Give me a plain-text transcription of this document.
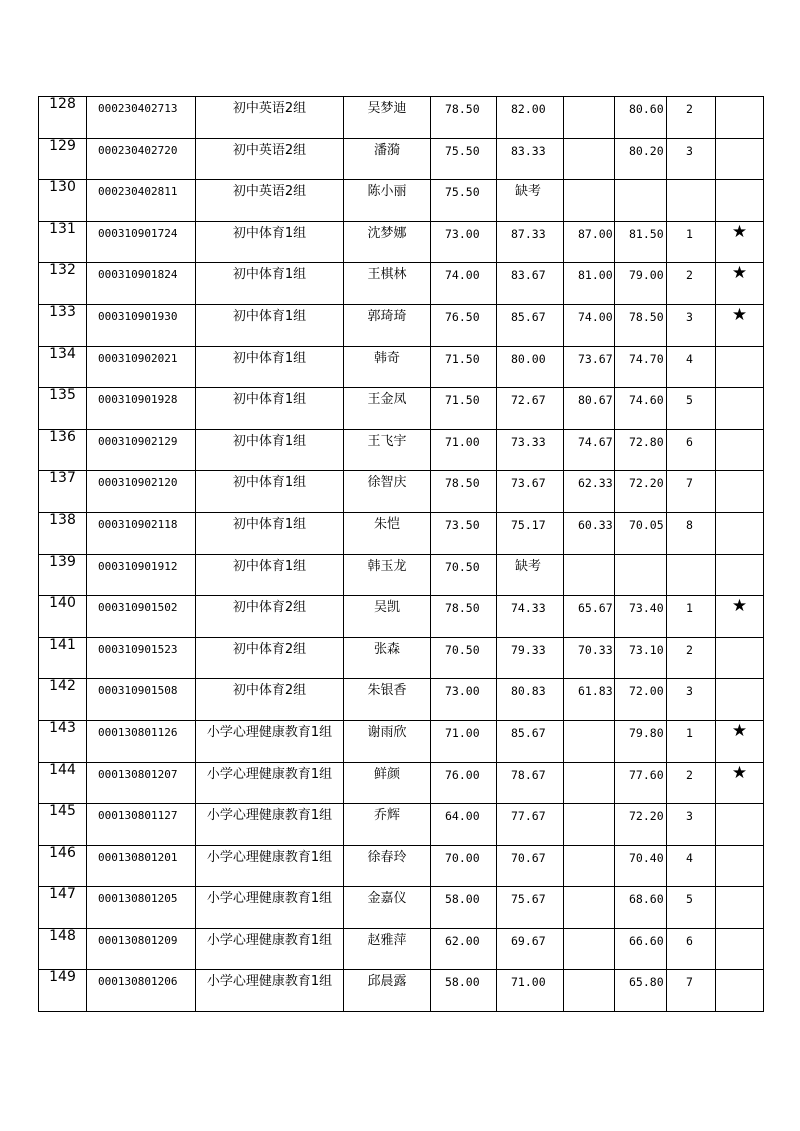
128	000230402713	初中英语2组	吴梦迪	78.50	82.00		80.60	2	

129	000230402720	初中英语2组	潘漪	75.50	83.33		80.20	3	

130	000230402811	初中英语2组	陈小丽	75.50	缺考				

131	000310901724	初中体育1组	沈梦娜	73.00	87.33	87.00	81.50	1	★

132	000310901824	初中体育1组	王棋林	74.00	83.67	81.00	79.00	2	★

133	000310901930	初中体育1组	郭琦琦	76.50	85.67	74.00	78.50	3	★

134	000310902021	初中体育1组	韩奇	71.50	80.00	73.67	74.70	4	

135	000310901928	初中体育1组	王金凤	71.50	72.67	80.67	74.60	5	

136	000310902129	初中体育1组	王飞宇	71.00	73.33	74.67	72.80	6	

137	000310902120	初中体育1组	徐智庆	78.50	73.67	62.33	72.20	7	

138	000310902118	初中体育1组	朱恺	73.50	75.17	60.33	70.05	8	

139	000310901912	初中体育1组	韩玉龙	70.50	缺考				

140	000310901502	初中体育2组	吴凯	78.50	74.33	65.67	73.40	1	★

141	000310901523	初中体育2组	张森	70.50	79.33	70.33	73.10	2	

142	000310901508	初中体育2组	朱银香	73.00	80.83	61.83	72.00	3	

143	000130801126	小学心理健康教育1组	谢雨欣	71.00	85.67		79.80	1	★

144	000130801207	小学心理健康教育1组	鲜颜	76.00	78.67		77.60	2	★

145	000130801127	小学心理健康教育1组	乔辉	64.00	77.67		72.20	3	

146	000130801201	小学心理健康教育1组	徐春玲	70.00	70.67		70.40	4	

147	000130801205	小学心理健康教育1组	金嘉仪	58.00	75.67		68.60	5	

148	000130801209	小学心理健康教育1组	赵雅萍	62.00	69.67		66.60	6	

149	000130801206	小学心理健康教育1组	邱晨露	58.00	71.00		65.80	7	
